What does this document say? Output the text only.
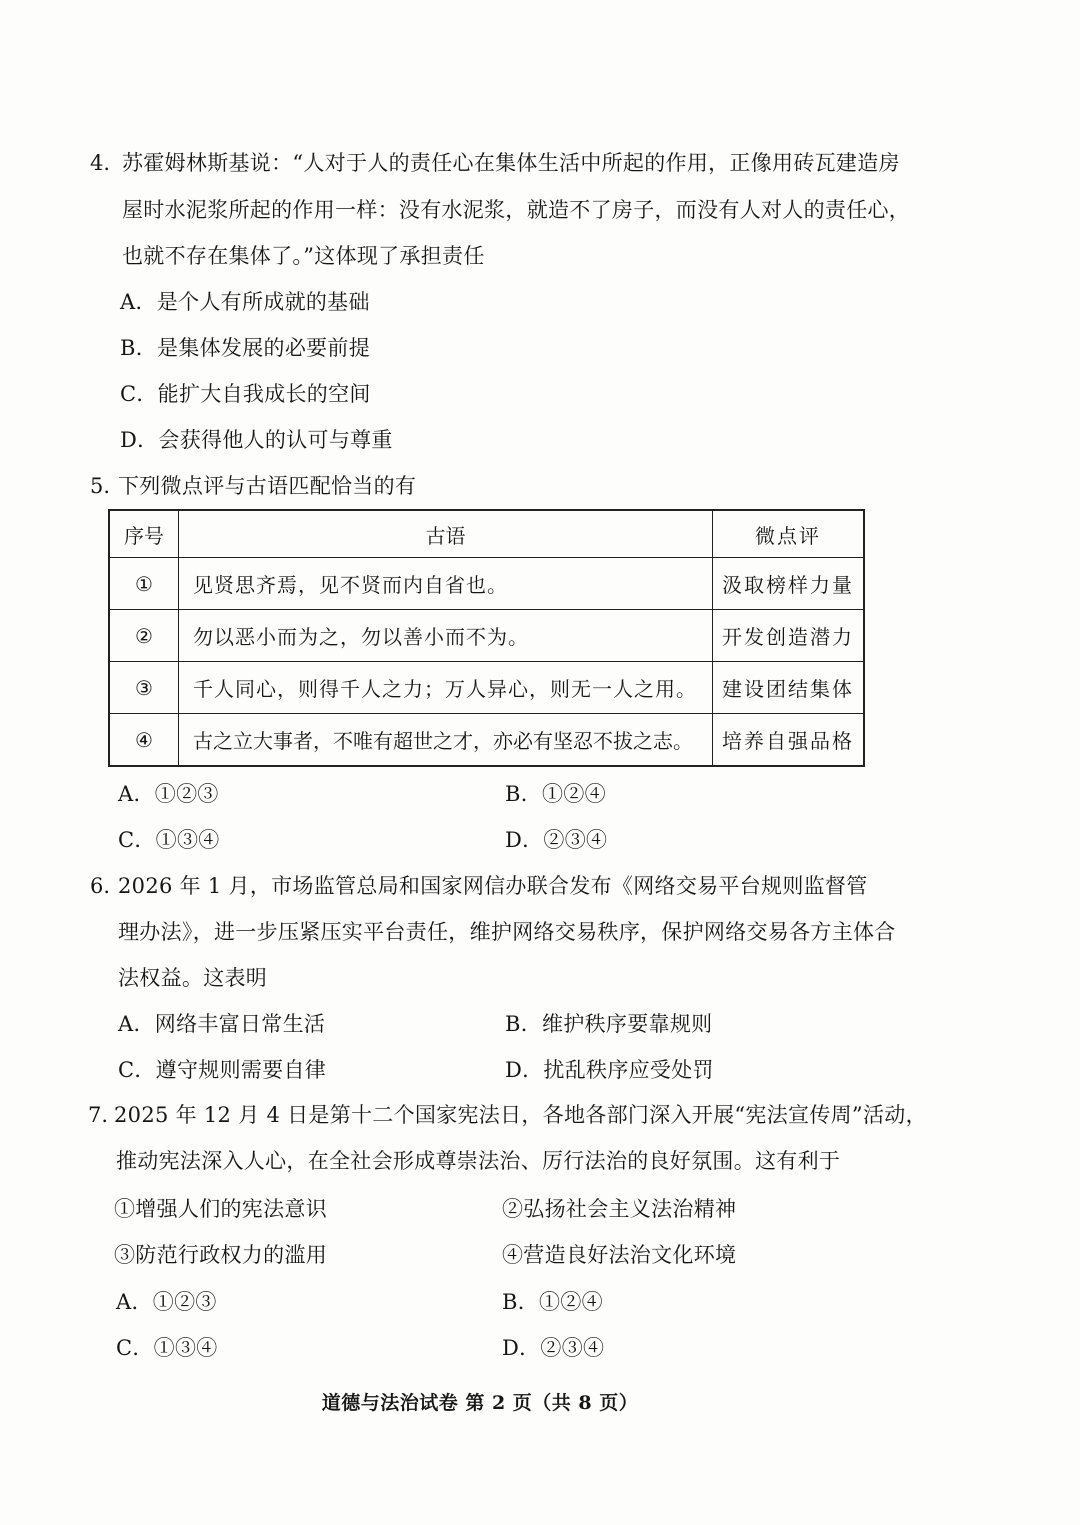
4. 苏霍姆林斯基说：“人对于人的责任心在集体生活中所起的作用，正像用砖瓦建造房
屋时水泥浆所起的作用一样：没有水泥浆，就造不了房子，而没有人对人的责任心，
也就不存在集体了。”这体现了承担责任
A．是个人有所成就的基础
B．是集体发展的必要前提
C．能扩大自我成长的空间
D．会获得他人的认可与尊重
5. 下列微点评与古语匹配恰当的有
序号	古语	微点评
①	见贤思齐焉，见不贤而内自省也。	汲取榜样力量
②	勿以恶小而为之，勿以善小而不为。	开发创造潜力
③	千人同心，则得千人之力；万人异心，则无一人之用。	建设团结集体
④	古之立大事者，不唯有超世之才，亦必有坚忍不拔之志。	培养自强品格
A．①②③	B．①②④
C．①③④	D．②③④
6. 2026 年 1 月，市场监管总局和国家网信办联合发布《网络交易平台规则监督管
理办法》，进一步压紧压实平台责任，维护网络交易秩序，保护网络交易各方主体合
法权益。这表明
A．网络丰富日常生活	B．维护秩序要靠规则
C．遵守规则需要自律	D．扰乱秩序应受处罚
7. 2025 年 12 月 4 日是第十二个国家宪法日，各地各部门深入开展“宪法宣传周”活动，
推动宪法深入人心，在全社会形成尊崇法治、厉行法治的良好氛围。这有利于
①增强人们的宪法意识	②弘扬社会主义法治精神
③防范行政权力的滥用	④营造良好法治文化环境
A．①②③	B．①②④
C．①③④	D．②③④
道德与法治试卷 第 2 页（共 8 页）
